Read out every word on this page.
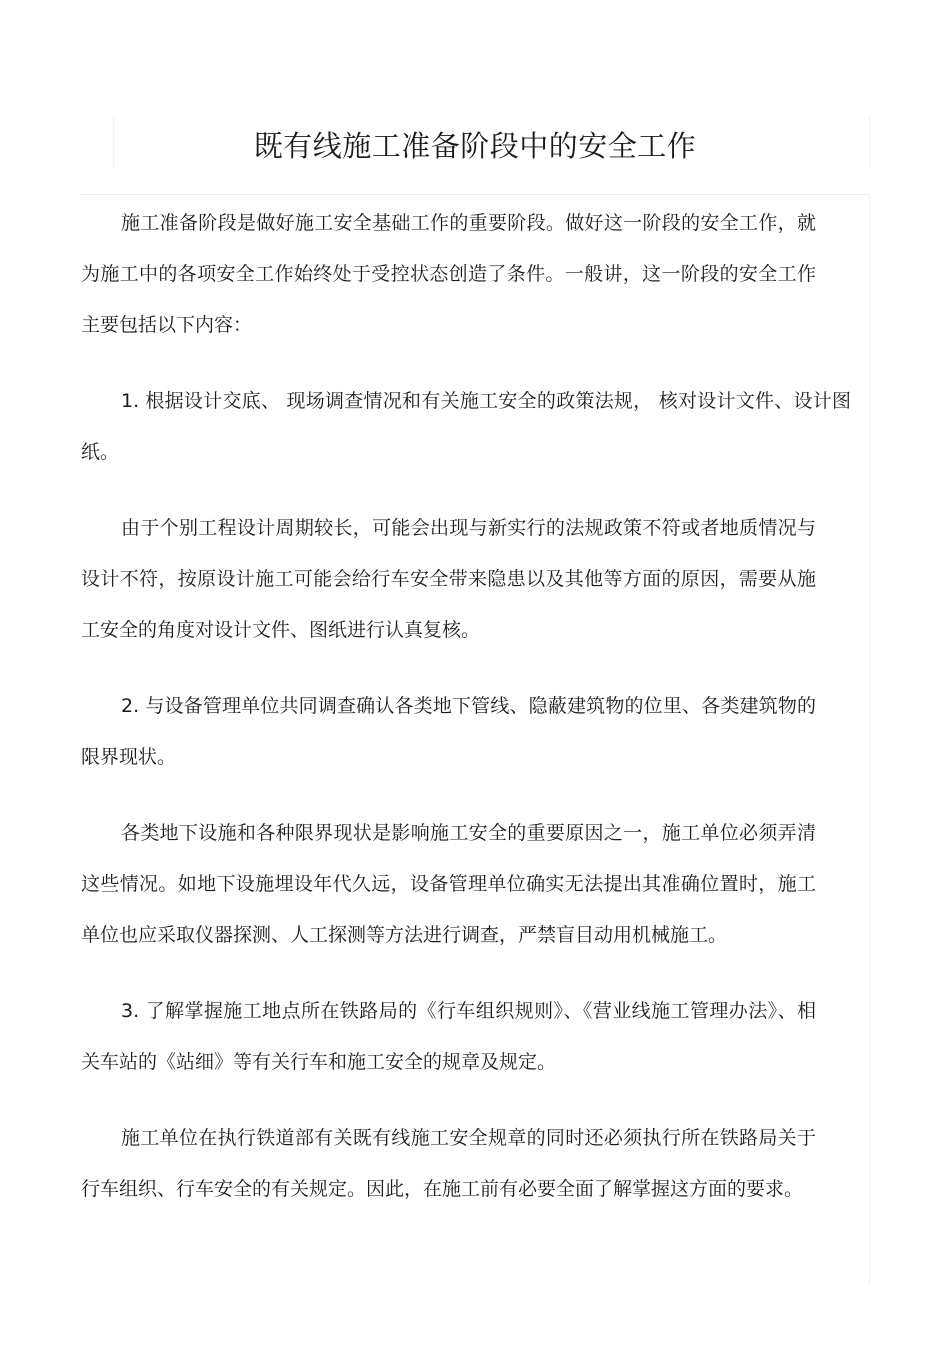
既有线施工准备阶段中的安全工作

施工准备阶段是做好施工安全基础工作的重要阶段。做好这一阶段的安全工作，就为施工中的各项安全工作始终处于受控状态创造了条件。一般讲，这一阶段的安全工作主要包括以下内容：

1. 根据设计交底、 现场调查情况和有关施工安全的政策法规， 核对设计文件、设计图纸。

由于个别工程设计周期较长，可能会出现与新实行的法规政策不符或者地质情况与设计不符，按原设计施工可能会给行车安全带来隐患以及其他等方面的原因，需要从施工安全的角度对设计文件、图纸进行认真复核。

2. 与设备管理单位共同调查确认各类地下管线、隐蔽建筑物的位里、各类建筑物的限界现状。

各类地下设施和各种限界现状是影响施工安全的重要原因之一，施工单位必须弄清这些情况。如地下设施埋设年代久远，设备管理单位确实无法提出其准确位置时，施工单位也应采取仪器探测、人工探测等方法进行调查，严禁盲目动用机械施工。

3. 了解掌握施工地点所在铁路局的《行车组织规则》、《营业线施工管理办法》、相关车站的《站细》等有关行车和施工安全的规章及规定。

施工单位在执行铁道部有关既有线施工安全规章的同时还必须执行所在铁路局关于行车组织、行车安全的有关规定。因此，在施工前有必要全面了解掌握这方面的要求。
